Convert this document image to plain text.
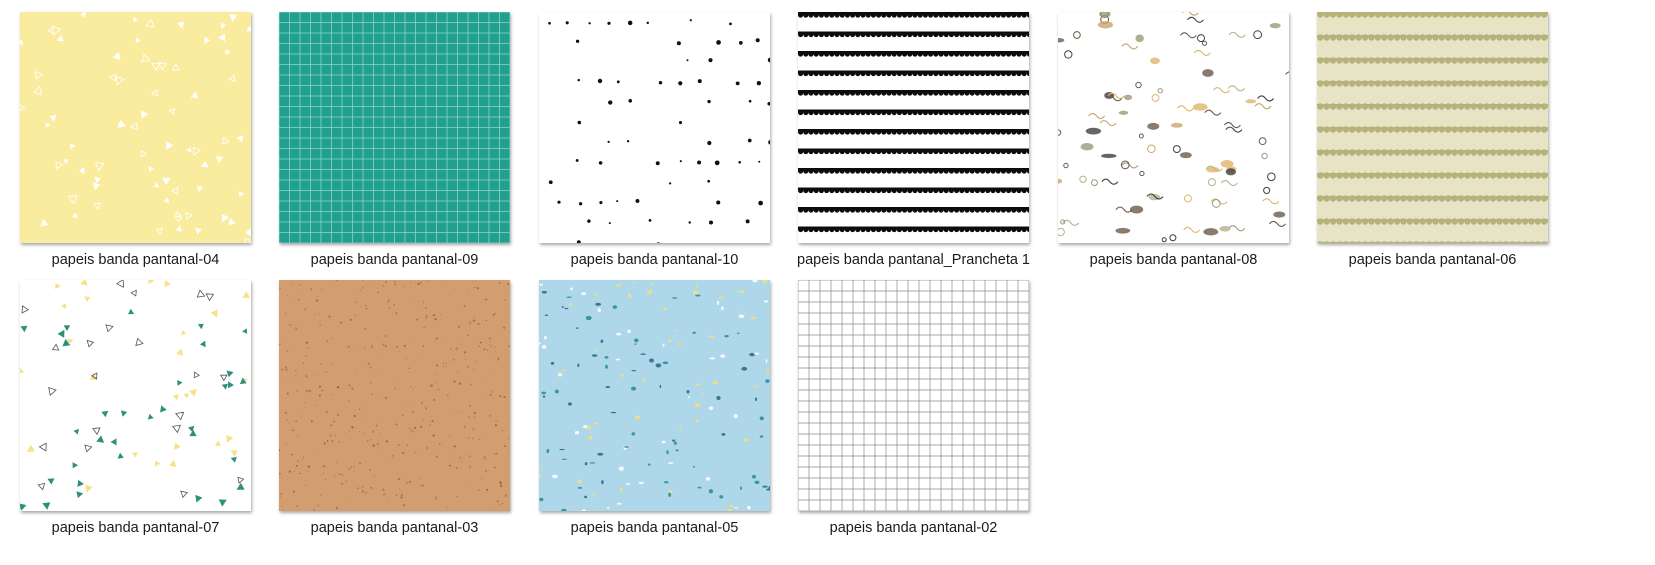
papeis banda pantanal-04	papeis banda pantanal-09	papeis banda pantanal-10	papeis banda pantanal_Prancheta 1	papeis banda pantanal-08	papeis banda pantanal-06
papeis banda pantanal-07	papeis banda pantanal-03	papeis banda pantanal-05	papeis banda pantanal-02
